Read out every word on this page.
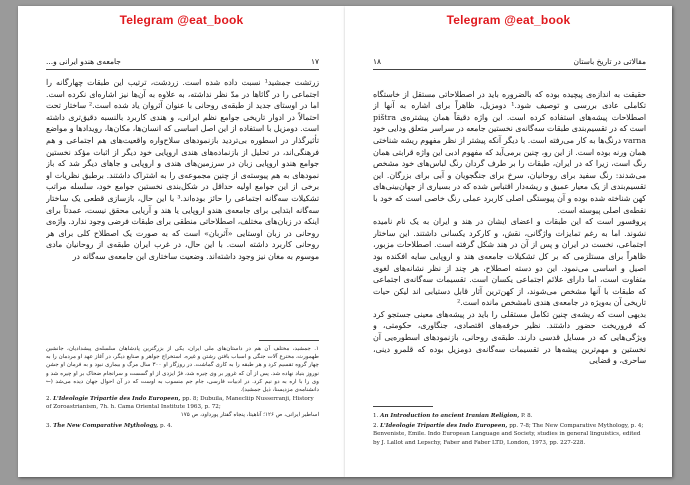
Telegram @eat_book
جامعه‌ی هندو ایرانی و...	۱۷

زرتشت جمشید¹ نسبت داده شده است. زردشت، ترتیب این طبقات چهارگانه را اجتماعی را در گاثاها در مدّ نظر نداشته، به علاوه به آن‌ها نیز اشاره‌ای نکرده است. اما در اوستای جدید از طبقه‌ی روحانی با عنوان آثروان یاد شده است.² ساختار تحت احتمالاً در ادوار تاریخی جوامع نظم ایرانی، و هندی کاربرد بالنسبه دقیق‌تری داشته است. دومزیل با استفاده از این اصل اساسی که انسان‌ها، مکان‌ها، رویدادها و مواضع تأثیرگذار در اسطوره بی‌تردید بازنمودهای سلاح‌واره واقعیت‌های هم اجتماعی و هم فرهنگی‌اند، در تحلیل از بازنماده‌های هندی اروپایی خود دیگر از اثبات مؤکد نخستین جوامع هندو اروپایی زبان در سرزمین‌های هندی و اروپایی و جاهای دیگر شد که باز نمودهای به هم پیوسته‌ی از چنین مجموعه‌ی را به اشتراک داشتند. برطبق نظریات او برخی از این جوامع اولیه حداقل در شکل‌بندی نخستین جوامع خود، سلسله مراتب تشکیلات سه‌گانه اجتماعی را حائز بوده‌اند.³ با این حال، بازسازی قطعی یک ساختار سه‌گانه ابتدایی برای جامعه‌ی هندو اروپایی یا هند و آریایی محقق نیست، عمدتاً برای اینکه در زبان‌های مختلف، اصطلاحاتی منطقی برای طبقات فرضی وجود ندارد. واژه‌ی روحانی در زبان اوستایی «آثربان» است که به صورت یک اصطلاح کلی برای هر روحانی کاربرد داشته است. با این حال، در غرب ایران طبقه‌ی از روحانیان مادی موسوم به مغان نیز وجود داشته‌اند. وضعیت ساختاری این جامعه‌ی سه‌گانه در

۱. جمشید، مختلف آن هم در داستان‌های ملی ایران، یکی از بزرگترین پادشاهان سلسله‌ی پیشدادیان، جانشین طهمورث، مخترع آلات جنگی و اسباب بافتن رشتن و غیره. استخراج جواهر و صنایع دیگر، در آغاز عهد او مردمان را به چهار گروه تقسیم کرد و هر طبقه را به کاری گماشت. در روزگار او ۳۰۰ سال مرگ و بیماری نبود و به فرمان او جشن نوروز بنیاد نهاده شد. پس از آن که غرور بر وی چیره شد، فرّ ایزدی از او گسست و سرانجام ضحاک بر او چیره شد و وی را با اره به دو نیم کرد. در ادبیات فارسی، جام جم منسوب به اوست که در آن احوال جهان دیده می‌شد (← دانشنامه‌ی مزدیسنا، ذیل جمشید).
2. L'Ideologie Tripartie des Indo Europeen, pp. 8; Dubuila, Manecliip Nusserranji, History of Zoroastrianism, 7h. h. Cama Oriental Institute 1963, p. 72;
اساطیر ایرانی، ص ۱۲۶؛ آناهیتا، پنجاه گفتار پورداود، ص ۱۷۵
3. The New Comparative Mythology, p. 4.
Telegram @eat_book
مقالاتی در تاریخ باستان
۱۸

حقیقت به اندازه‌ی پیچیده بوده که بالضروره باید در اصطلاحاتی مستقل از خاستگاه تکاملی عادی بررسی و توصیف شود.¹ دومزیل، ظاهراً برای اشاره به آنها از اصطلاحات پیشه‌های استفاده کرده است. این واژه دقیقاً همان پیشتره‌ی pištra است که در تقسیم‌بندی طبقات سه‌گانه‌ی نخستین جامعه در سراسر متعلق ودایی خود varna درنگ‌ها به کار می‌رفته است. با دیگر آنکه پیشتر از نظر مفهوم ریشه شناختی همان ورنه بوده است. از این رو، چنین برمی‌آید که مفهوم ادبی این واژه قرابتی همان رنگ است، زیرا که در ایران، طبقات را بر طرف گردان رنگ لباس‌های خود مشخص می‌شدند: رنگ سفید برای روحانیان، سرخ برای جنگجویان و آبی برای بزرگان. این تقسیم‌بندی از یک معیار عمیق و ریشه‌دار اقتباس شده که در بسیاری از جهان‌بینی‌های کهن شناخته شده بوده و آن پیوستگی اصلی کاربرد عملی رنگ خاصی است که خود با نقطه‌ی اصلی پیوسته است.
پروفسور است که این طبقات و اعضای ایشان در هند و ایران به یک نام نامیده نشوند. اما به رغم تمایزات واژگانی، نقش، و کارکرد یکسانی داشتند. این ساختار اجتماعی، نخست در ایران و پس از آن در هند شکل گرفته است. اصطلاحات مزبور، ظاهراً برای مستلزمی که بر کل تشکیلات جامعه‌ی هند و اروپایی سایه افکنده بود اصیل و اساسی می‌نمود. این دو دسته اصطلاح، هر چند از نظر نشانه‌های لغوی متفاوت است، اما دارای علائم اجتماعی یکسان است. تقسیمات سه‌گانه‌ی اجتماعی که طبقات با آنها مشخص می‌شوند، از کهن‌ترین آثار قابل دستیابی اند لیکن حیات تاریخی آن به‌ویژه در جامعه‌ی هندی نامشخص مانده است.²
بدیهی است که ریشه‌ی چنین تکامل مستقلی را باید در پیشه‌های معینی جستجو کرد که فروریخت حضور داشتند. نظیر حرفه‌های اقتصادی، جنگاوری، حکومتی، و ویژگی‌هایی که در مسایل قدسی دارند. طبقه‌ی روحانی، بازنمودهای اسطوره‌یی آن نخستین و مهم‌ترین پیشه‌ها در تقسیمات سه‌گانه‌ی دومزیل بوده که قلمرو دینی، ساحری، و قضایی

1. An Introduction to ancient Iranian Religion, P. 8.
2. L'Ideologie Tripartie des Indo Europeen, pp. 7-8; The New Comparative Mythology, p. 4; Benveniste, Emile. Indo European Language and Society, studies in general linguistics, edited by J. Lallot and Lepschy, Faber and Faber LTD, London, 1973, pp. 227-228.
